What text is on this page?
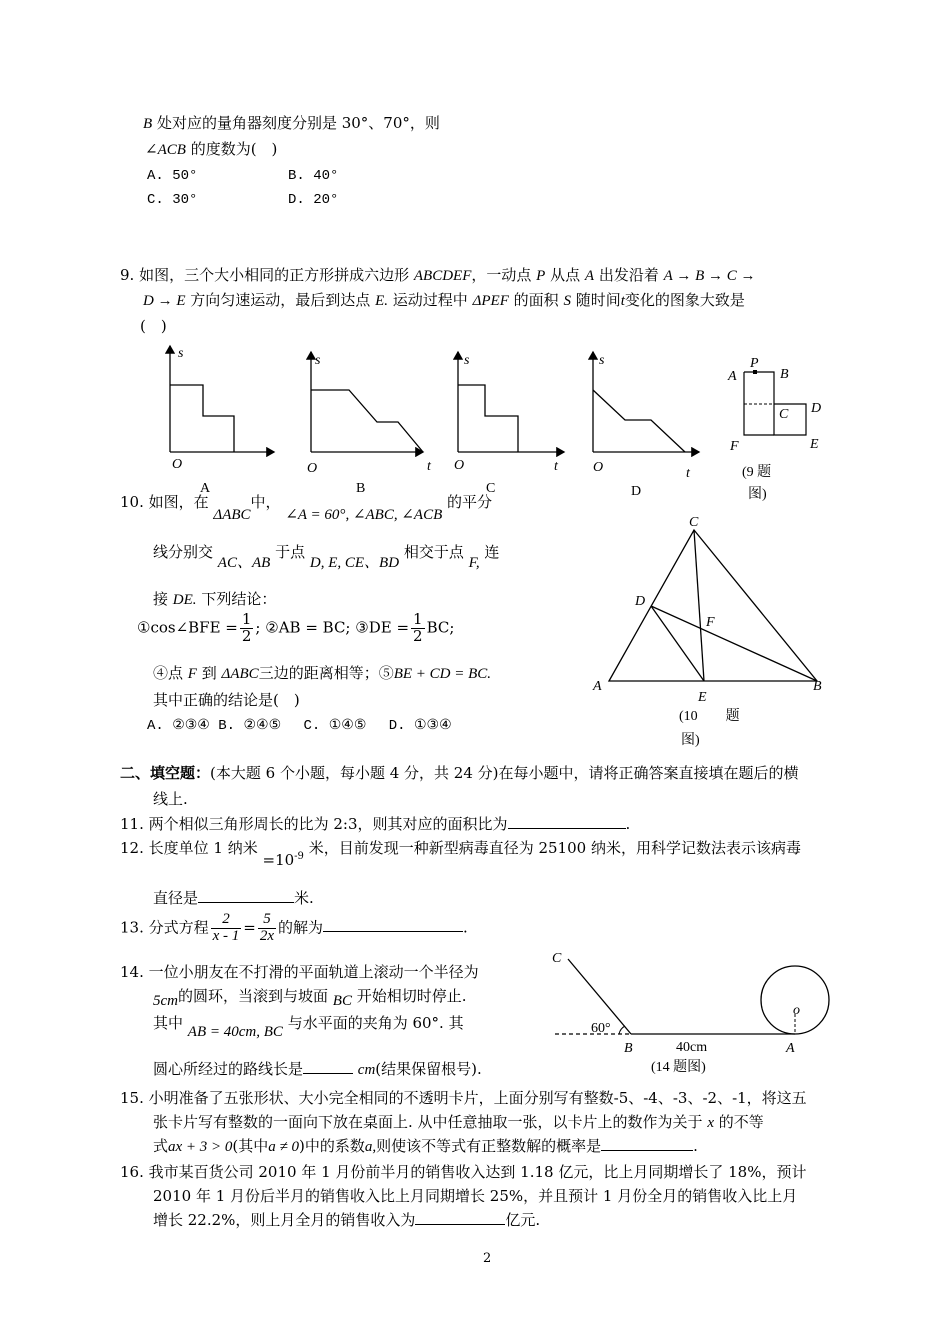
B 处对应的量角器刻度分别是 30°、70°，则
∠ACB 的度数为(　)
A. 50°	B. 40°
C. 30°	D. 20°
9. 如图，三个大小相同的正方形拼成六边形 ABCDEF，一动点 P 从点 A 出发沿着 A → B → C →
D → E 方向匀速运动，最后到达点 E. 运动过程中 ΔPEF 的面积 S 随时间t变化的图象大致是
(　)
s
O
A
s
O	t
B
s
O	t
C
s
O	t
D
A
P
B
C D
F	E
(9 题
图)
10. 如图，在 ΔABC中， ∠A = 60°, ∠ABC, ∠ACB 的平分
线分别交 AC、AB 于点 D, E, CE、BD 相交于点 F, 连
接 DE. 下列结论：
①cos∠BFE = $\frac{1}{2}$ ; ②AB = BC; ③DE = $\frac{1}{2}$ BC;
④点 F 到 ΔABC三边的距离相等；⑤BE + CD = BC.
其中正确的结论是(　)
A. ②③④ B. ②④⑤　 C. ①④⑤　 D. ①③④
C
D
F
A
E
B
(10　　题
图)
二、填空题：(本大题 6 个小题，每小题 4 分，共 24 分)在每小题中，请将正确答案直接填在题后的横
线上.
11. 两个相似三角形周长的比为 2:3，则其对应的面积比为	.
12. 长度单位 1 纳米 $=10^{-9}$ 米，目前发现一种新型病毒直径为 25100 纳米，用科学记数法表示该病毒
直径是	米.
13. 分式方程 $\frac{2}{x - 1} = \frac{5}{2x}$ 的解为	.
14. 一位小朋友在不打滑的平面轨道上滚动一个半径为
5cm的圆环，当滚到与坡面 BC 开始相切时停止.
其中 AB = 40cm, BC 与水平面的夹角为 60°. 其
圆心所经过的路线长是	cm(结果保留根号).
C
60°
B	40cm	A
o
(14 题图)
15. 小明准备了五张形状、大小完全相同的不透明卡片，上面分别写有整数-5、-4、-3、-2、-1，将这五
张卡片写有整数的一面向下放在桌面上. 从中任意抽取一张，以卡片上的数作为关于 x 的不等
式ax + 3 > 0(其中a ≠ 0)中的系数a,则使该不等式有正整数解的概率是	.
16. 我市某百货公司 2010 年 1 月份前半月的销售收入达到 1.18 亿元，比上月同期增长了 18%，预计
2010 年 1 月份后半月的销售收入比上月同期增长 25%，并且预计 1 月份全月的销售收入比上月
增长 22.2%，则上月全月的销售收入为	亿元.
2
